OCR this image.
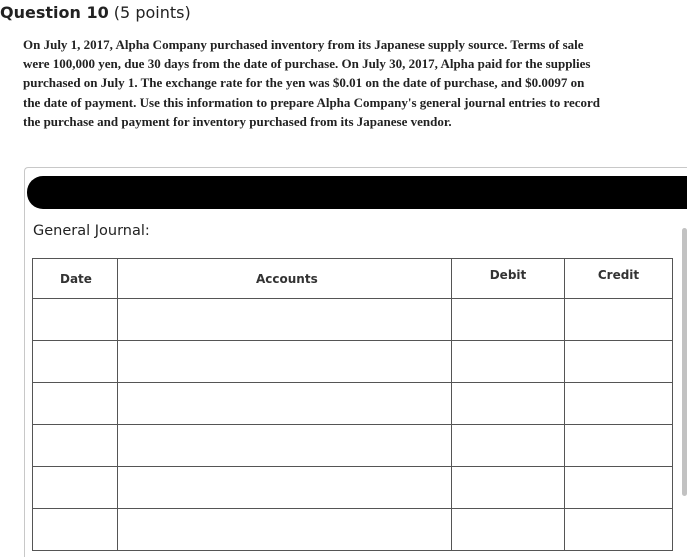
Question 10 (5 points)
On July 1, 2017, Alpha Company purchased inventory from its Japanese supply source. Terms of sale were 100,000 yen, due 30 days from the date of purchase. On July 30, 2017, Alpha paid for the supplies purchased on July 1. The exchange rate for the yen was $0.01 on the date of purchase, and $0.0097 on the date of payment. Use this information to prepare Alpha Company's general journal entries to record the purchase and payment for inventory purchased from its Japanese vendor.
General Journal:
Date	Accounts	Debit	Credit
